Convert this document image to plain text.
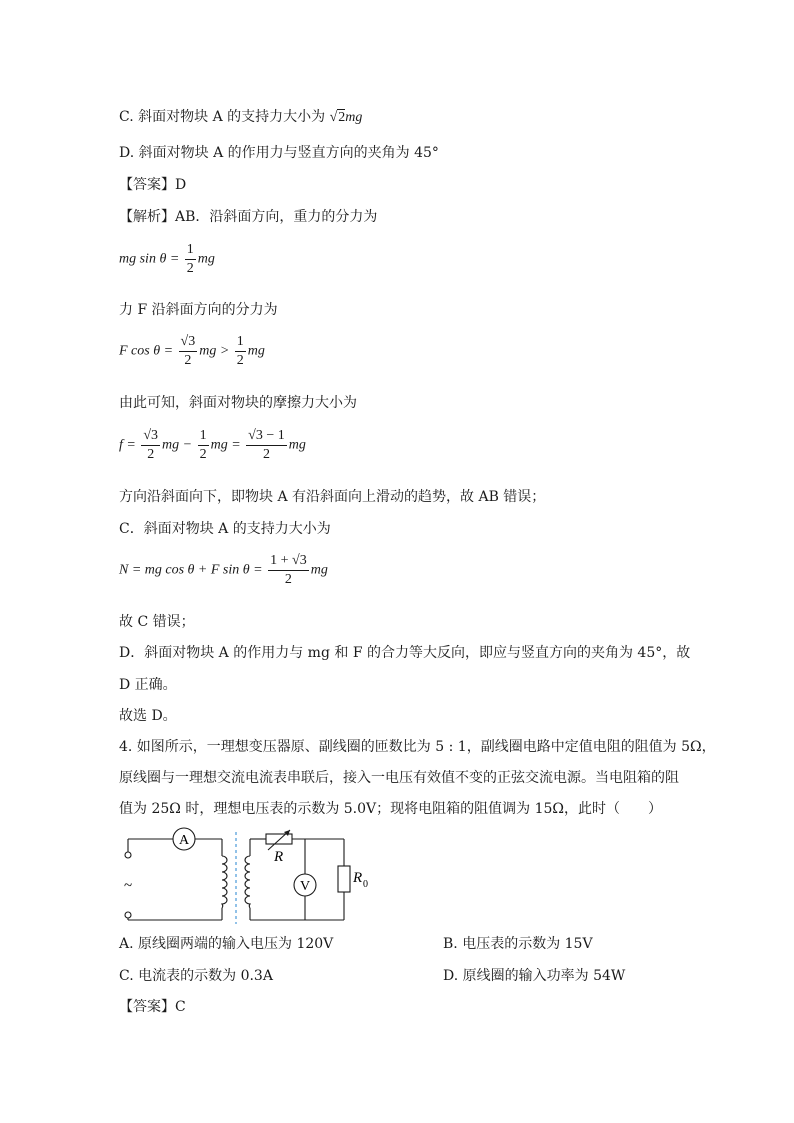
C. 斜面对物块 A 的支持力大小为 √2mg
D. 斜面对物块 A 的作用力与竖直方向的夹角为 45°
【答案】D
【解析】AB．沿斜面方向，重力的分力为
mg $\sin \theta = \frac{1}{2}$ mg
力 F 沿斜面方向的分力为
F $\cos \theta = \frac{√3}{2}$ mg > $\frac{1}{2}$ mg
由此可知，斜面对物块的摩擦力大小为
$f = \frac{√3}{2}$ mg − $\frac{1}{2}$ mg = $\frac{√3 - 1}{2}$ mg
方向沿斜面向下，即物块 A 有沿斜面向上滑动的趋势，故 AB 错误；
C．斜面对物块 A 的支持力大小为
N = mg cos θ + F $\sin \theta = \frac{1 + √3}{2}$ mg
故 C 错误；
D．斜面对物块 A 的作用力与 mg 和 F 的合力等大反向，即应与竖直方向的夹角为 45°，故
D 正确。
故选 D。
4. 如图所示，一理想变压器原、副线圈的匝数比为 5 : 1，副线圈电路中定值电阻的阻值为 5Ω，
原线圈与一理想交流电流表串联后，接入一电压有效值不变的正弦交流电源。当电阻箱的阻
值为 25Ω 时，理想电压表的示数为 5.0V；现将电阻箱的阻值调为 15Ω，此时（　　）
A
V
~
R
R 0
A. 原线圈两端的输入电压为 120V	B. 电压表的示数为 15V
C. 电流表的示数为 0.3A	D. 原线圈的输入功率为 54W
【答案】C
